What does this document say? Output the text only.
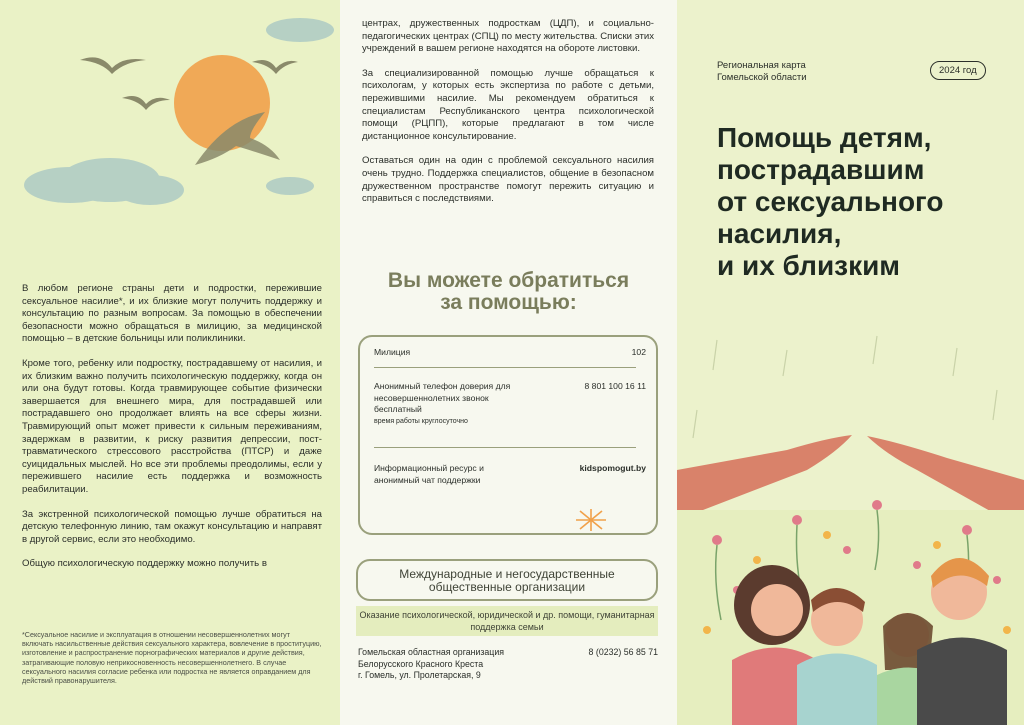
В любом регионе страны дети и подростки, пережившие сексуальное насилие*, и их близкие могут получить поддержку и консультацию по разным вопросам. За помощью в обеспечении безопасности можно обращаться в милицию, за медицинской помощью – в детские больницы или поликлиники.

Кроме того, ребенку или подростку, пострадавшему от насилия, и их близким важно получить психологическую поддержку, когда он или она будут готовы. Когда травмирующее событие физически завершается для внешнего мира, для пострадавшей или пострадавшего оно продолжает влиять на все сферы жизни. Травмирующий опыт может привести к сильным переживаниям, задержкам в развитии, к риску развития депрессии, пост-травматического стрессового расстройства (ПТСР) и даже суицидальных мыслей. Но все эти проблемы преодолимы, если у пережившего насилие есть поддержка и возможность реабилитации.

За экстренной психологической помощью лучше обратиться на детскую телефонную линию, там окажут консультацию и направят в другой сервис, если это необходимо.

Общую психологическую поддержку можно получить в

*Сексуальное насилие и эксплуатация в отношении несовершеннолетних могут включать насильственные действия сексуального характера, вовлечение в проституцию, изготовление и распространение порнографических материалов и другие действия, затрагивающие половую неприкосновенность несовершеннолетнего. В случае сексуального насилия согласие ребенка или подростка не является оправданием для действий правонарушителя.

центрах, дружественных подросткам (ЦДП), и социально-педагогических центрах (СПЦ) по месту жительства. Списки этих учреждений в вашем регионе находятся на обороте листовки.

За специализированной помощью лучше обращаться к психологам, у которых есть экспертиза по работе с детьми, пережившими насилие. Мы рекомендуем обратиться к специалистам Республиканского центра психологической помощи (РЦПП), которые предлагают в том числе дистанционное консультирование.

Оставаться один на один с проблемой сексуального насилия очень трудно. Поддержка специалистов, общение в безопасном дружественном пространстве помогут пережить ситуацию и справиться с последствиями.

Вы можете обратиться
за помощью:
Милиция	102
Анонимный телефон доверия для несовершеннолетних звонок бесплатный
время работы круглосуточно
8 801 100 16 11
Информационный ресурс и анонимный чат поддержки
kidspomogut.by
Международные и негосударственные общественные организации
Оказание психологической, юридической и др. помощи, гуманитарная поддержка семьи
Гомельская областная организация Белорусского Красного Креста
г. Гомель, ул. Пролетарская, 9
8 (0232) 56 85 71
Региональная карта
Гомельской области
2024 год
Помощь детям,
пострадавшим
от сексуального
насилия,
и их близким
